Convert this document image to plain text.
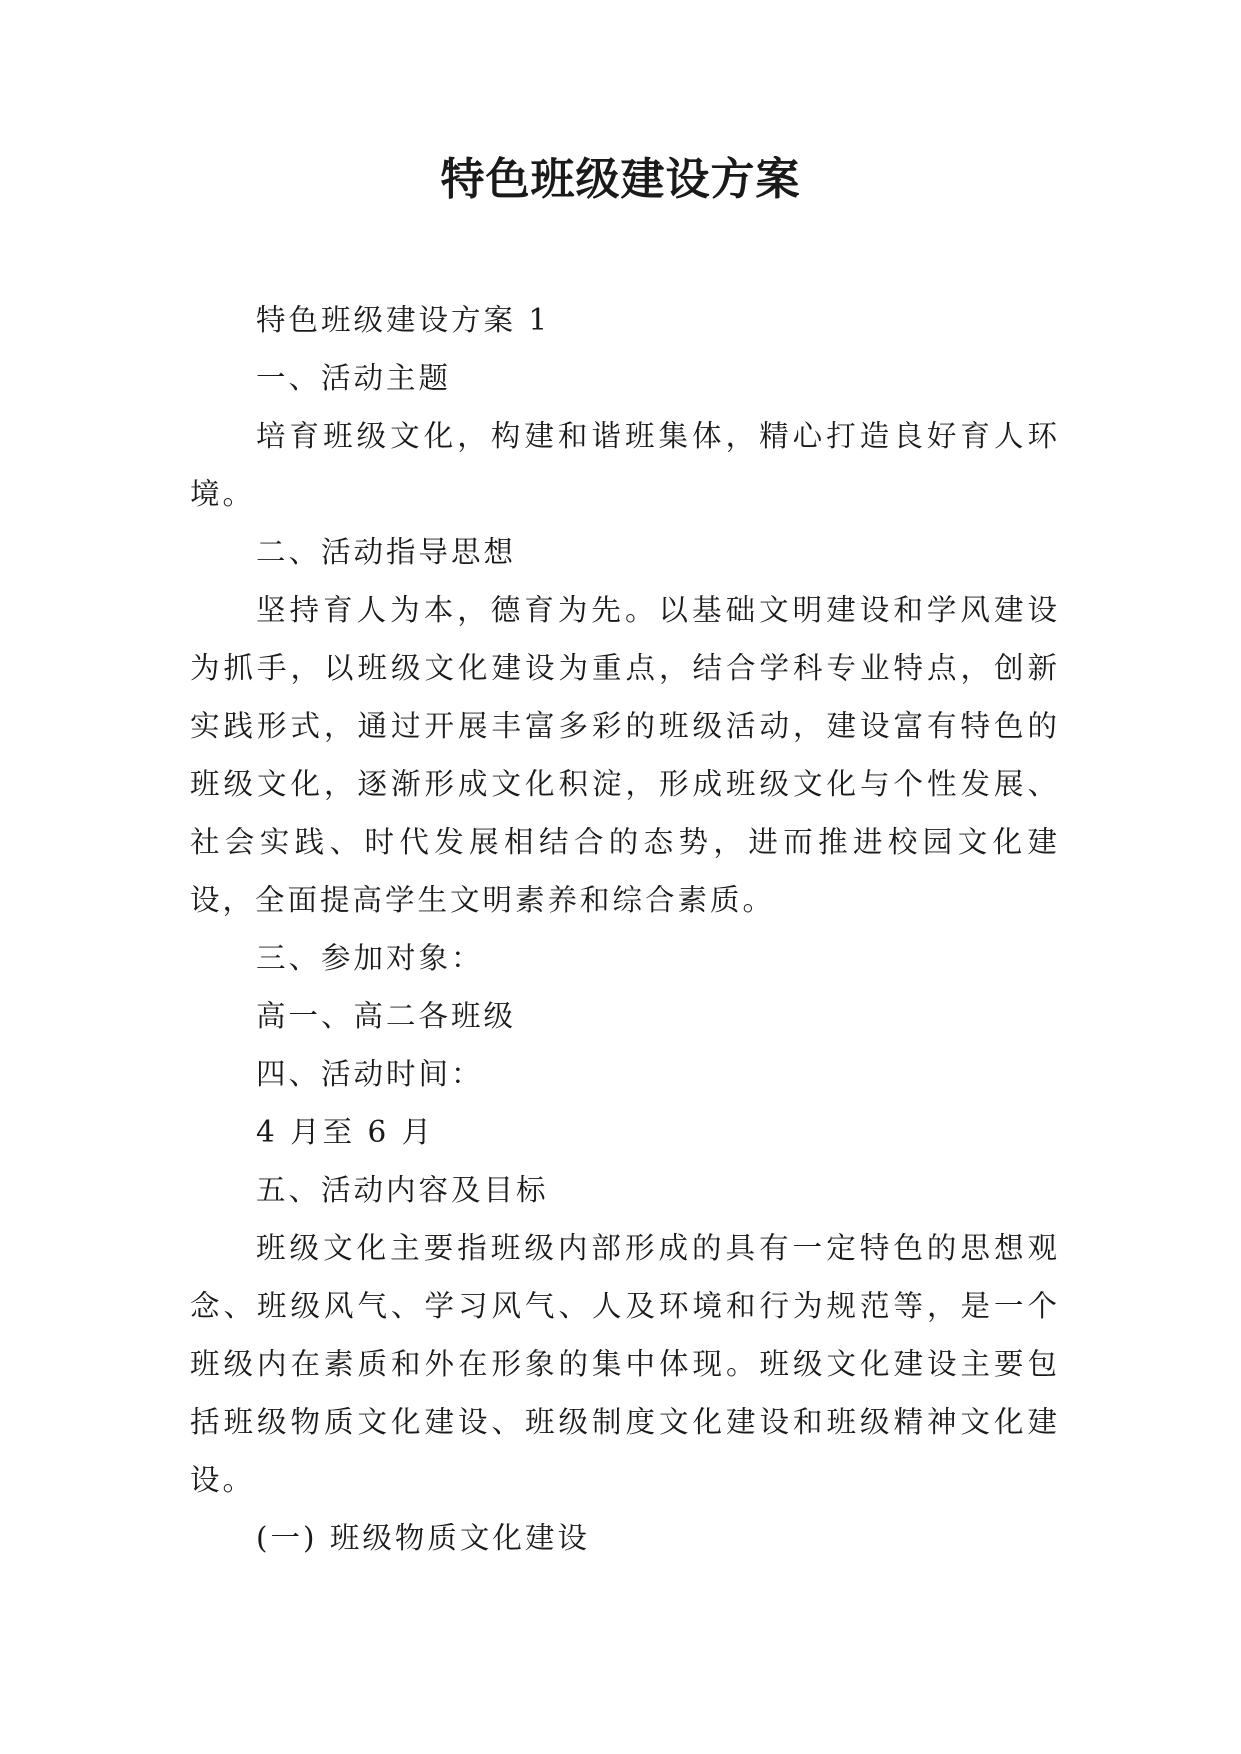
特色班级建设方案

特色班级建设方案 1

一、活动主题

培育班级文化，构建和谐班集体，精心打造良好育人环境。

二、活动指导思想

坚持育人为本，德育为先。以基础文明建设和学风建设为抓手，以班级文化建设为重点，结合学科专业特点，创新实践形式，通过开展丰富多彩的班级活动，建设富有特色的班级文化，逐渐形成文化积淀，形成班级文化与个性发展、社会实践、时代发展相结合的态势，进而推进校园文化建设，全面提高学生文明素养和综合素质。

三、参加对象：

高一、高二各班级

四、活动时间：

4 月至 6 月

五、活动内容及目标

班级文化主要指班级内部形成的具有一定特色的思想观念、班级风气、学习风气、人及环境和行为规范等，是一个班级内在素质和外在形象的集中体现。班级文化建设主要包括班级物质文化建设、班级制度文化建设和班级精神文化建设。

(一) 班级物质文化建设
